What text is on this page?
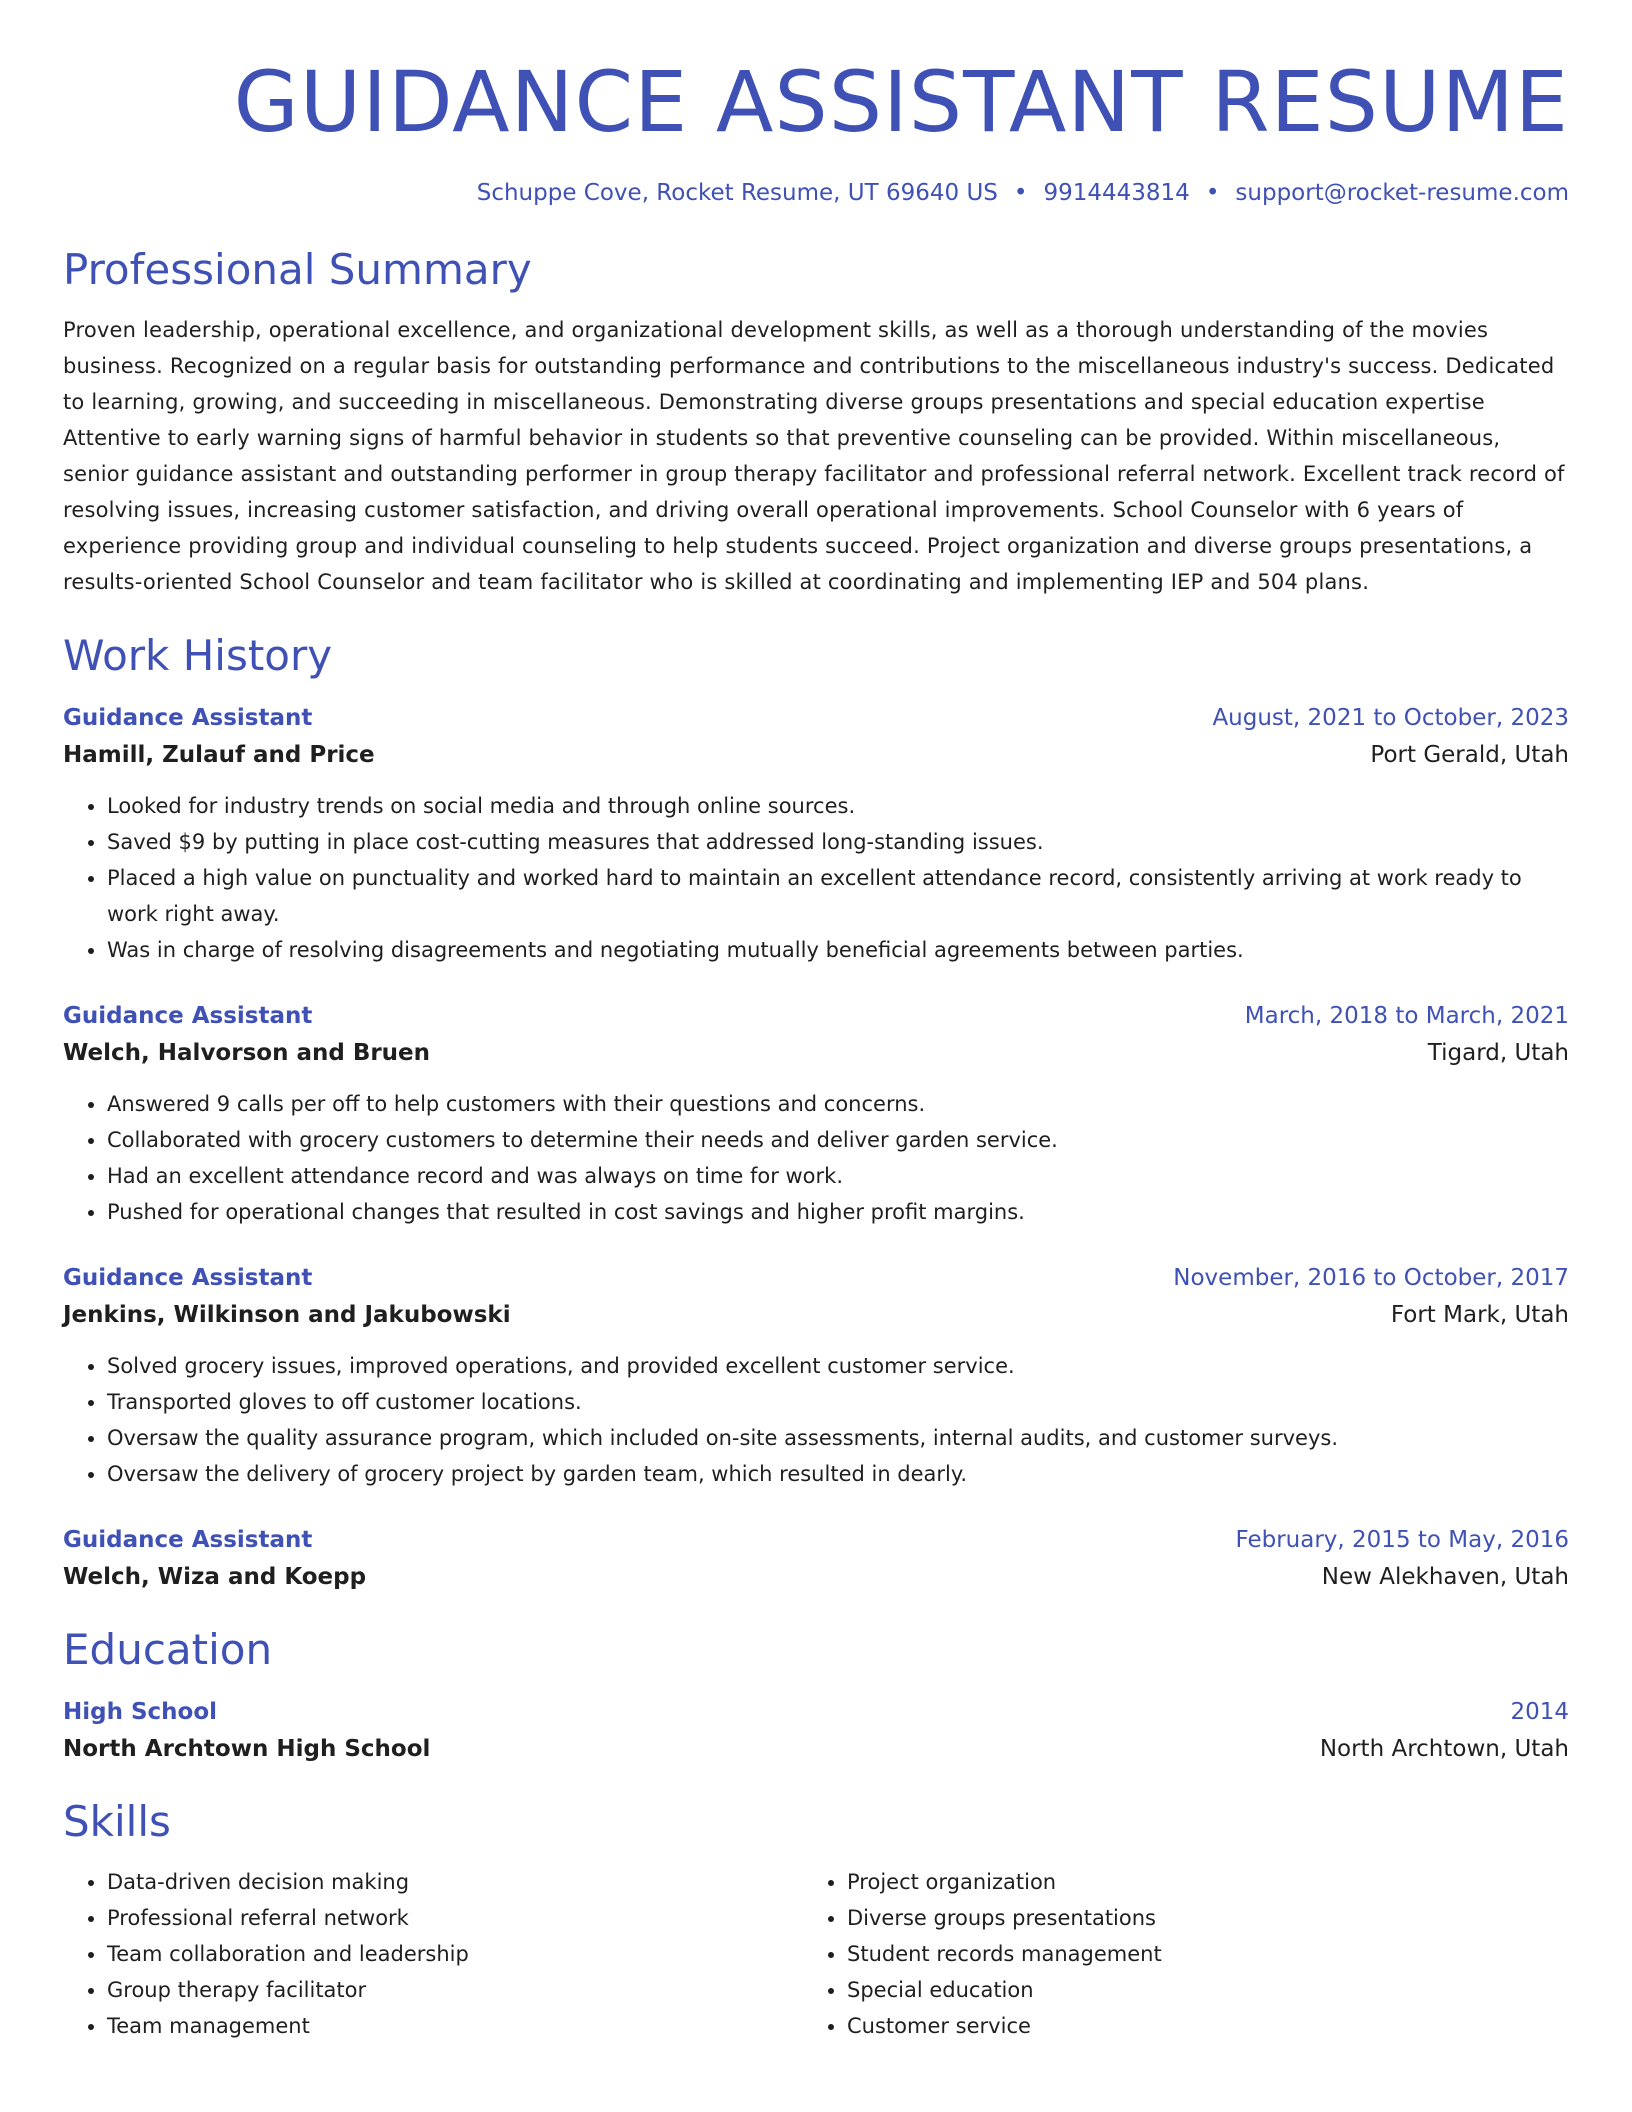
GUIDANCE ASSISTANT RESUME
Schuppe Cove, Rocket Resume, UT 69640 US • 9914443814 • support@rocket-resume.com
Professional Summary

Proven leadership, operational excellence, and organizational development skills, as well as a thorough understanding of the movies business. Recognized on a regular basis for outstanding performance and contributions to the miscellaneous industry's success. Dedicated to learning, growing, and succeeding in miscellaneous. Demonstrating diverse groups presentations and special education expertise Attentive to early warning signs of harmful behavior in students so that preventive counseling can be provided. Within miscellaneous, senior guidance assistant and outstanding performer in group therapy facilitator and professional referral network. Excellent track record of resolving issues, increasing customer satisfaction, and driving overall operational improvements. School Counselor with 6 years of experience providing group and individual counseling to help students succeed. Project organization and diverse groups presentations, a results-oriented School Counselor and team facilitator who is skilled at coordinating and implementing IEP and 504 plans.

Work History
Guidance Assistant	August, 2021 to October, 2023
Hamill, Zulauf and Price	Port Gerald, Utah
• Looked for industry trends on social media and through online sources.
• Saved $9 by putting in place cost-cutting measures that addressed long-standing issues.
• Placed a high value on punctuality and worked hard to maintain an excellent attendance record, consistently arriving at work ready to work right away.
• Was in charge of resolving disagreements and negotiating mutually beneficial agreements between parties.
Guidance Assistant	March, 2018 to March, 2021
Welch, Halvorson and Bruen	Tigard, Utah
• Answered 9 calls per off to help customers with their questions and concerns.
• Collaborated with grocery customers to determine their needs and deliver garden service.
• Had an excellent attendance record and was always on time for work.
• Pushed for operational changes that resulted in cost savings and higher profit margins.
Guidance Assistant	November, 2016 to October, 2017
Jenkins, Wilkinson and Jakubowski	Fort Mark, Utah
• Solved grocery issues, improved operations, and provided excellent customer service.
• Transported gloves to off customer locations.
• Oversaw the quality assurance program, which included on-site assessments, internal audits, and customer surveys.
• Oversaw the delivery of grocery project by garden team, which resulted in dearly.
Guidance Assistant	February, 2015 to May, 2016
Welch, Wiza and Koepp	New Alekhaven, Utah
Education
High School	2014
North Archtown High School	North Archtown, Utah
Skills
• Data-driven decision making
• Professional referral network
• Team collaboration and leadership
• Group therapy facilitator
• Team management
• Project organization
• Diverse groups presentations
• Student records management
• Special education
• Customer service
